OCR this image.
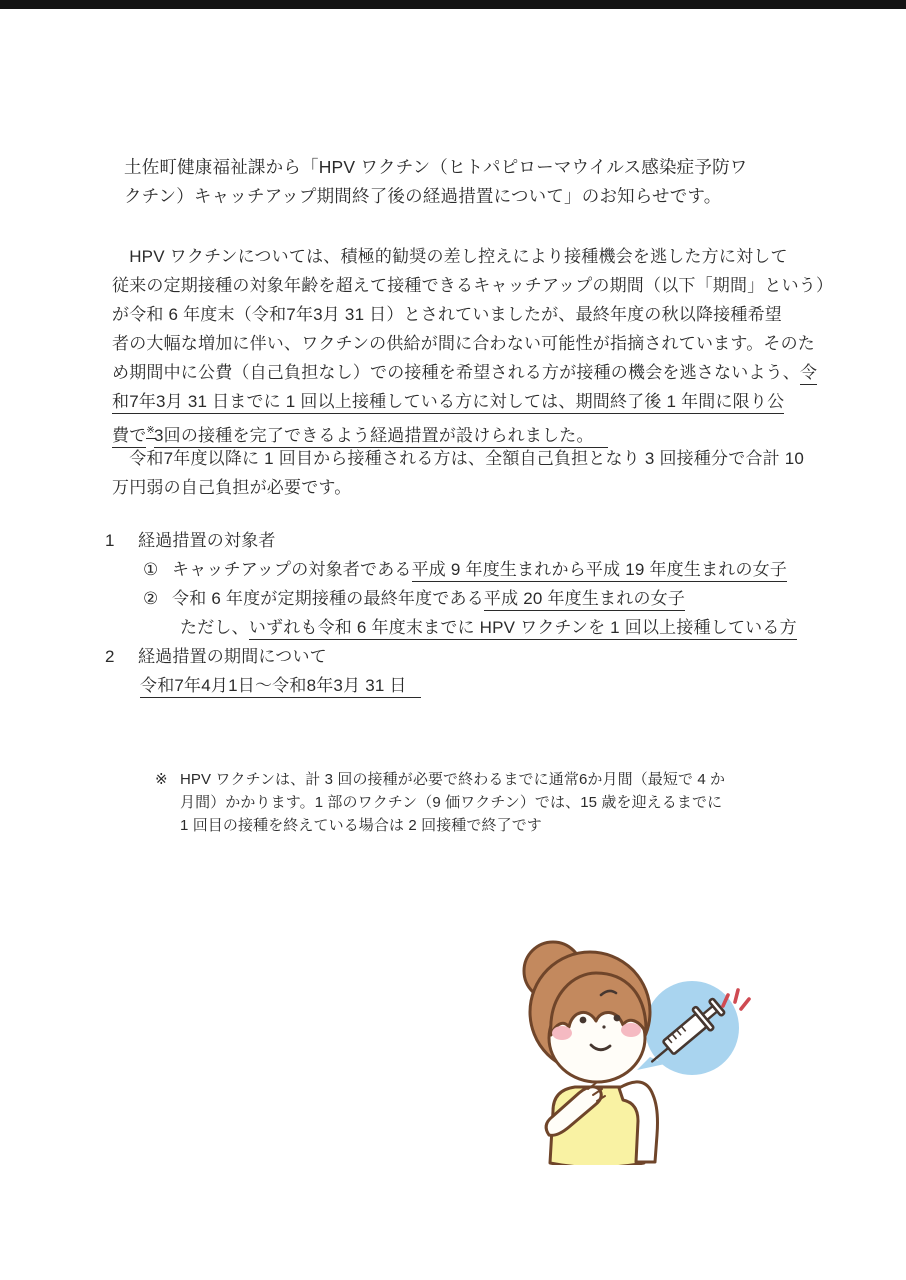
土佐町健康福祉課から「HPV ワクチン（ヒトパピローマウイルス感染症予防ワ
クチン）キャッチアップ期間終了後の経過措置について」のお知らせです。
　HPV ワクチンについては、積極的勧奨の差し控えにより接種機会を逃した方に対して
従来の定期接種の対象年齢を超えて接種できるキャッチアップの期間（以下「期間」という）
が令和 6 年度末（令和7年3月 31 日）とされていましたが、最終年度の秋以降接種希望
者の大幅な増加に伴い、ワクチンの供給が間に合わない可能性が指摘されています。そのた
め期間中に公費（自己負担なし）での接種を希望される方が接種の機会を逃さないよう、令
和7年3月 31 日までに 1 回以上接種している方に対しては、期間終了後 1 年間に限り公
費で※3回の接種を完了できるよう経過措置が設けられました。
　令和7年度以降に 1 回目から接種される方は、全額自己負担となり 3 回接種分で合計 10
万円弱の自己負担が必要です。
1	経過措置の対象者
① キャッチアップの対象者である平成 9 年度生まれから平成 19 年度生まれの女子
② 令和 6 年度が定期接種の最終年度である平成 20 年度生まれの女子
ただし、いずれも令和 6 年度末までに HPV ワクチンを 1 回以上接種している方
2	経過措置の期間について
令和7年4月1日～令和8年3月 31 日
※ HPV ワクチンは、計 3 回の接種が必要で終わるまでに通常6か月間（最短で 4 か
月間）かかります。1 部のワクチン（9 価ワクチン）では、15 歳を迎えるまでに
1 回目の接種を終えている場合は 2 回接種で終了です
